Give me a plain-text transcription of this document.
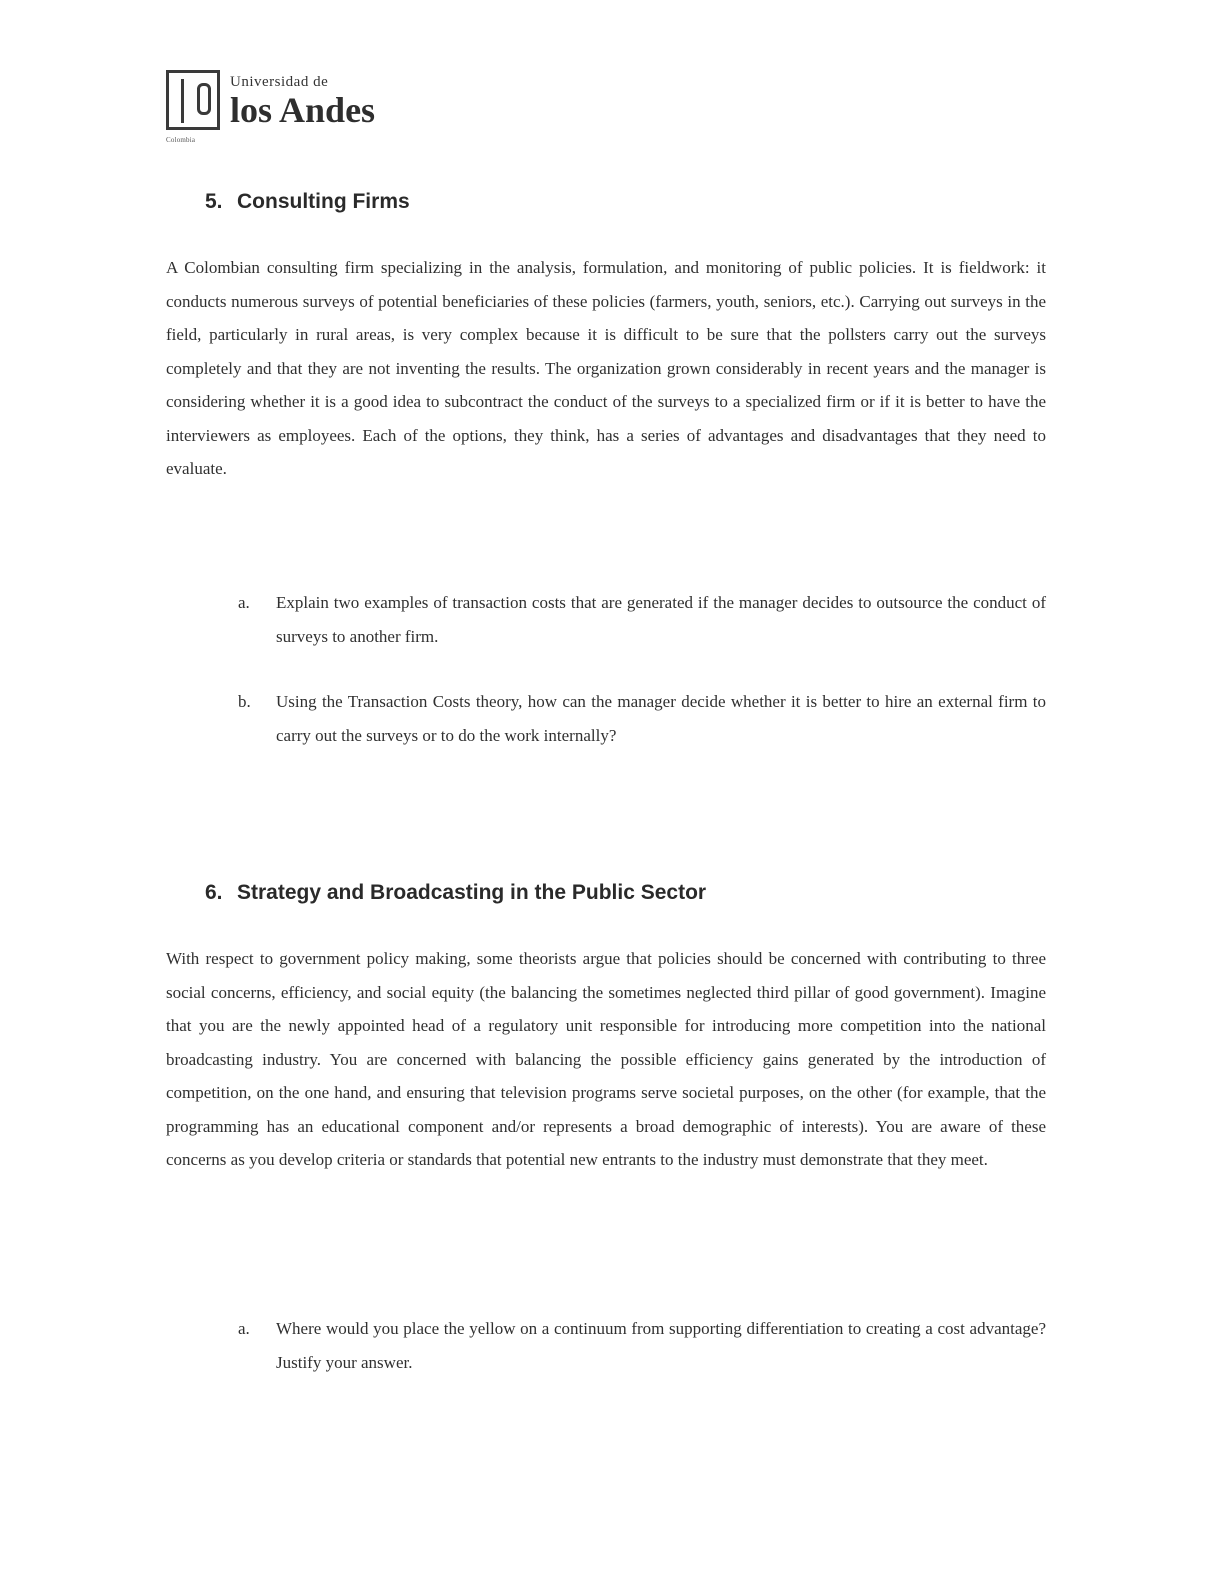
Universidad de
los Andes
Colombia
5. Consulting Firms

A Colombian consulting firm specializing in the analysis, formulation, and monitoring of public policies. It is fieldwork: it conducts numerous surveys of potential beneficiaries of these policies (farmers, youth, seniors, etc.). Carrying out surveys in the field, particularly in rural areas, is very complex because it is difficult to be sure that the pollsters carry out the surveys completely and that they are not inventing the results. The organization grown considerably in recent years and the manager is considering whether it is a good idea to subcontract the conduct of the surveys to a specialized firm or if it is better to have the interviewers as employees. Each of the options, they think, has a series of advantages and disadvantages that they need to evaluate.

a. Explain two examples of transaction costs that are generated if the manager decides to outsource the conduct of surveys to another firm.
b. Using the Transaction Costs theory, how can the manager decide whether it is better to hire an external firm to carry out the surveys or to do the work internally?
6. Strategy and Broadcasting in the Public Sector

With respect to government policy making, some theorists argue that policies should be concerned with contributing to three social concerns, efficiency, and social equity (the balancing the sometimes neglected third pillar of good government). Imagine that you are the newly appointed head of a regulatory unit responsible for introducing more competition into the national broadcasting industry. You are concerned with balancing the possible efficiency gains generated by the introduction of competition, on the one hand, and ensuring that television programs serve societal purposes, on the other (for example, that the programming has an educational component and/or represents a broad demographic of interests). You are aware of these concerns as you develop criteria or standards that potential new entrants to the industry must demonstrate that they meet.

a. Where would you place the yellow on a continuum from supporting differentiation to creating a cost advantage? Justify your answer.
